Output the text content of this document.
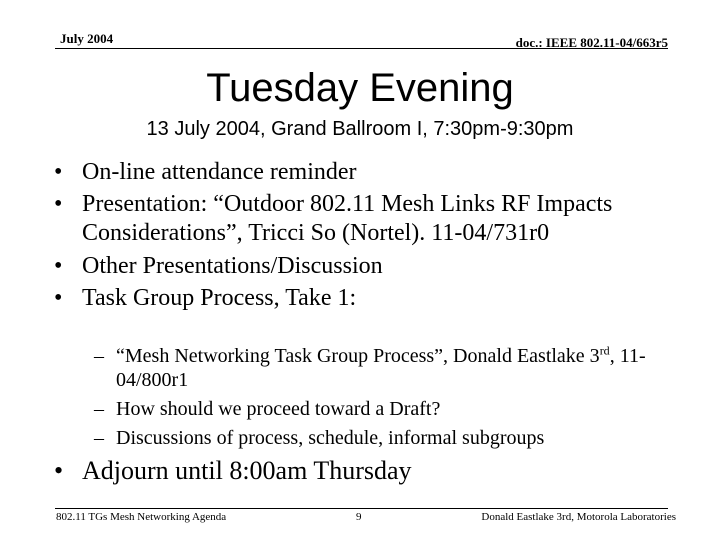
July 2004	doc.: IEEE 802.11-04/663r5
Tuesday Evening
13 July 2004, Grand Ballroom I, 7:30pm-9:30pm
• On-line attendance reminder
• Presentation: “Outdoor 802.11 Mesh Links RF Impacts Considerations”, Tricci So (Nortel). 11-04/731r0
• Other Presentations/Discussion
• Task Group Process, Take 1:
– “Mesh Networking Task Group Process”, Donald Eastlake 3rd, 11-04/800r1
– How should we proceed toward a Draft?
– Discussions of process, schedule, informal subgroups
• Adjourn until 8:00am Thursday
802.11 TGs Mesh Networking Agenda	9	Donald Eastlake 3rd, Motorola Laboratories
